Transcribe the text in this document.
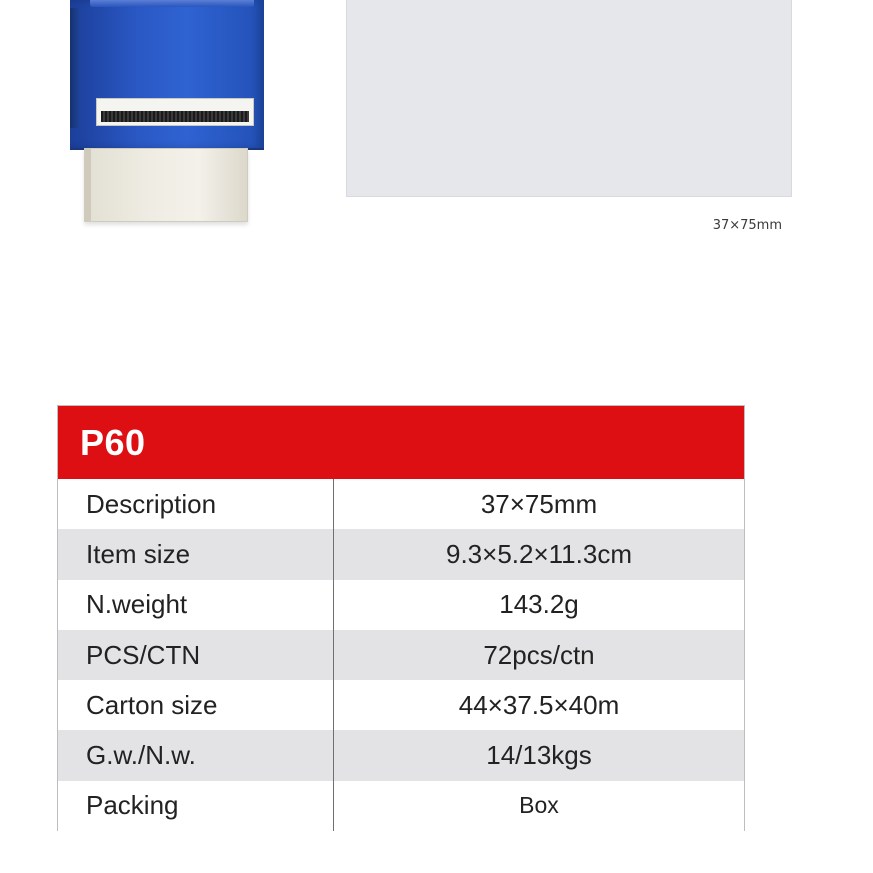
37×75mm
P60
Description	37×75mm
Item size	9.3×5.2×11.3cm
N.weight	143.2g
PCS/CTN	72pcs/ctn
Carton size	44×37.5×40m
G.w./N.w.	14/13kgs
Packing	Box
